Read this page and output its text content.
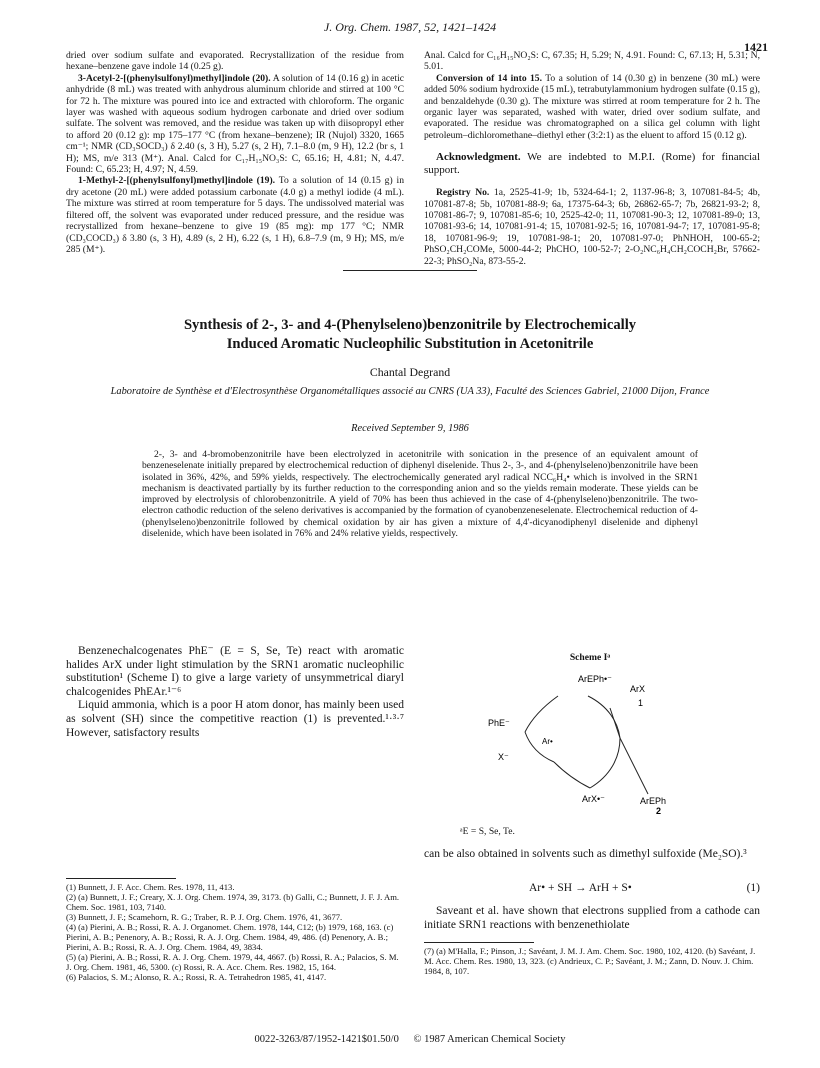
J. Org. Chem. 1987, 52, 1421–1424
1421

dried over sodium sulfate and evaporated. Recrystallization of the residue from hexane–benzene gave indole 14 (0.25 g).

3-Acetyl-2-[(phenylsulfonyl)methyl]indole (20). A solution of 14 (0.16 g) in acetic anhydride (8 mL) was treated with anhydrous aluminum chloride and stirred at 100 °C for 72 h. The mixture was poured into ice and extracted with chloroform. The organic layer was washed with aqueous sodium hydrogen carbonate and dried over sodium sulfate. The solvent was removed, and the residue was taken up with diisopropyl ether to afford 20 (0.12 g): mp 175–177 °C (from hexane–benzene); IR (Nujol) 3320, 1665 cm⁻¹; NMR (CD₃SOCD₃) δ 2.40 (s, 3 H), 5.27 (s, 2 H), 7.1–8.0 (m, 9 H), 12.2 (br s, 1 H); MS, m/e 313 (M⁺). Anal. Calcd for C₁₇H₁₅NO₃S: C, 65.16; H, 4.81; N, 4.47. Found: C, 65.23; H, 4.97; N, 4.59.

1-Methyl-2-[(phenylsulfonyl)methyl]indole (19). To a solution of 14 (0.15 g) in dry acetone (20 mL) were added potassium carbonate (4.0 g) a methyl iodide (4 mL). The mixture was stirred at room temperature for 5 days. The undissolved material was filtered off, the solvent was evaporated under reduced pressure, and the residue was recrystallized from hexane–benzene to give 19 (85 mg): mp 177 °C; NMR (CD₃COCD₃) δ 3.80 (s, 3 H), 4.89 (s, 2 H), 6.22 (s, 1 H), 6.8–7.9 (m, 9 H); MS, m/e 285 (M⁺).

Anal. Calcd for C₁₆H₁₅NO₂S: C, 67.35; H, 5.29; N, 4.91. Found: C, 67.13; H, 5.31; N, 5.01.

Conversion of 14 into 15. To a solution of 14 (0.30 g) in benzene (30 mL) were added 50% sodium hydroxide (15 mL), tetrabutylammonium hydrogen sulfate (0.15 g), and benzaldehyde (0.30 g). The mixture was stirred at room temperature for 2 h. The organic layer was separated, washed with water, dried over sodium sulfate, and evaporated. The residue was chromatographed on a silica gel column with light petroleum–dichloromethane–diethyl ether (3:2:1) as the eluent to afford 15 (0.12 g).

Acknowledgment. We are indebted to M.P.I. (Rome) for financial support.

Registry No. 1a, 2525-41-9; 1b, 5324-64-1; 2, 1137-96-8; 3, 107081-84-5; 4b, 107081-87-8; 5b, 107081-88-9; 6a, 17375-64-3; 6b, 26862-65-7; 7b, 26821-93-2; 8, 107081-86-7; 9, 107081-85-6; 10, 2525-42-0; 11, 107081-90-3; 12, 107081-89-0; 13, 107081-93-6; 14, 107081-91-4; 15, 107081-92-5; 16, 107081-94-7; 17, 107081-95-8; 18, 107081-96-9; 19, 107081-98-1; 20, 107081-97-0; PhNHOH, 100-65-2; PhSO₂CH₂COMe, 5000-44-2; PhCHO, 100-52-7; 2-O₂NC₆H₄CH₂COCH₂Br, 57662-22-3; PhSO₂Na, 873-55-2.

Synthesis of 2-, 3- and 4-(Phenylseleno)benzonitrile by Electrochemically
Induced Aromatic Nucleophilic Substitution in Acetonitrile
Chantal Degrand
Laboratoire de Synthèse et d'Electrosynthèse Organométalliques associé au CNRS (UA 33), Faculté des Sciences Gabriel, 21000 Dijon, France
Received September 9, 1986
2-, 3- and 4-bromobenzonitrile have been electrolyzed in acetonitrile with sonication in the presence of an equivalent amount of benzeneselenate initially prepared by electrochemical reduction of diphenyl diselenide. Thus 2-, 3-, and 4-(phenylseleno)benzonitrile have been isolated in 36%, 42%, and 59% yields, respectively. The electrochemically generated aryl radical NCC₆H₄• which is involved in the SRN1 mechanism is deactivated partially by its further reduction to the corresponding anion and so the yields remain moderate. These yields can be improved by electrolysis of chlorobenzonitrile. A yield of 70% has been thus achieved in the case of 4-(phenylseleno)benzonitrile. The two-electron cathodic reduction of the seleno derivatives is accompanied by the formation of cyanobenzeneselenate. Electrochemical reduction of 4-(phenylseleno)benzonitrile followed by chemical oxidation by air has given a mixture of 4,4'-dicyanodiphenyl diselenide and diphenyl diselenide, which have been isolated in 76% and 24% relative yields, respectively.

Benzenechalcogenates PhE⁻ (E = S, Se, Te) react with aromatic halides ArX under light stimulation by the SRN1 aromatic nucleophilic substitution¹ (Scheme I) to give a large variety of unsymmetrical diaryl chalcogenides PhEAr.¹⁻⁶

Liquid ammonia, which is a poor H atom donor, has mainly been used as solvent (SH) since the competitive reaction (1) is prevented.¹·³·⁷ However, satisfactory results

Scheme Iᵃ
ArEPh•⁻
ArX
1
PhE⁻
Ar•
X⁻
ArX•⁻	ArEPh
2
ᵃE = S, Se, Te.

can be also obtained in solvents such as dimethyl sulfoxide (Me₂SO).³

Ar• + SH → ArH + S•	(1)

Saveant et al. have shown that electrons supplied from a cathode can initiate SRN1 reactions with benzenethiolate

(1) Bunnett, J. F. Acc. Chem. Res. 1978, 11, 413.
(2) (a) Bunnett, J. F.; Creary, X. J. Org. Chem. 1974, 39, 3173. (b) Galli, C.; Bunnett, J. F. J. Am. Chem. Soc. 1981, 103, 7140.
(3) Bunnett, J. F.; Scamehorn, R. G.; Traber, R. P. J. Org. Chem. 1976, 41, 3677.
(4) (a) Pierini, A. B.; Rossi, R. A. J. Organomet. Chem. 1978, 144, C12; (b) 1979, 168, 163. (c) Pierini, A. B.; Penenory, A. B.; Rossi, R. A. J. Org. Chem. 1984, 49, 486. (d) Penenory, A. B.; Pierini, A. B.; Rossi, R. A. J. Org. Chem. 1984, 49, 3834.
(5) (a) Pierini, A. B.; Rossi, R. A. J. Org. Chem. 1979, 44, 4667. (b) Rossi, R. A.; Palacios, S. M. J. Org. Chem. 1981, 46, 5300. (c) Rossi, R. A. Acc. Chem. Res. 1982, 15, 164.
(6) Palacios, S. M.; Alonso, R. A.; Rossi, R. A. Tetrahedron 1985, 41, 4147.
(7) (a) M'Halla, F.; Pinson, J.; Savéant, J. M. J. Am. Chem. Soc. 1980, 102, 4120. (b) Savéant, J. M. Acc. Chem. Res. 1980, 13, 323. (c) Andrieux, C. P.; Savéant, J. M.; Zann, D. Nouv. J. Chim. 1984, 8, 107.
0022-3263/87/1952-1421$01.50/0 © 1987 American Chemical Society
